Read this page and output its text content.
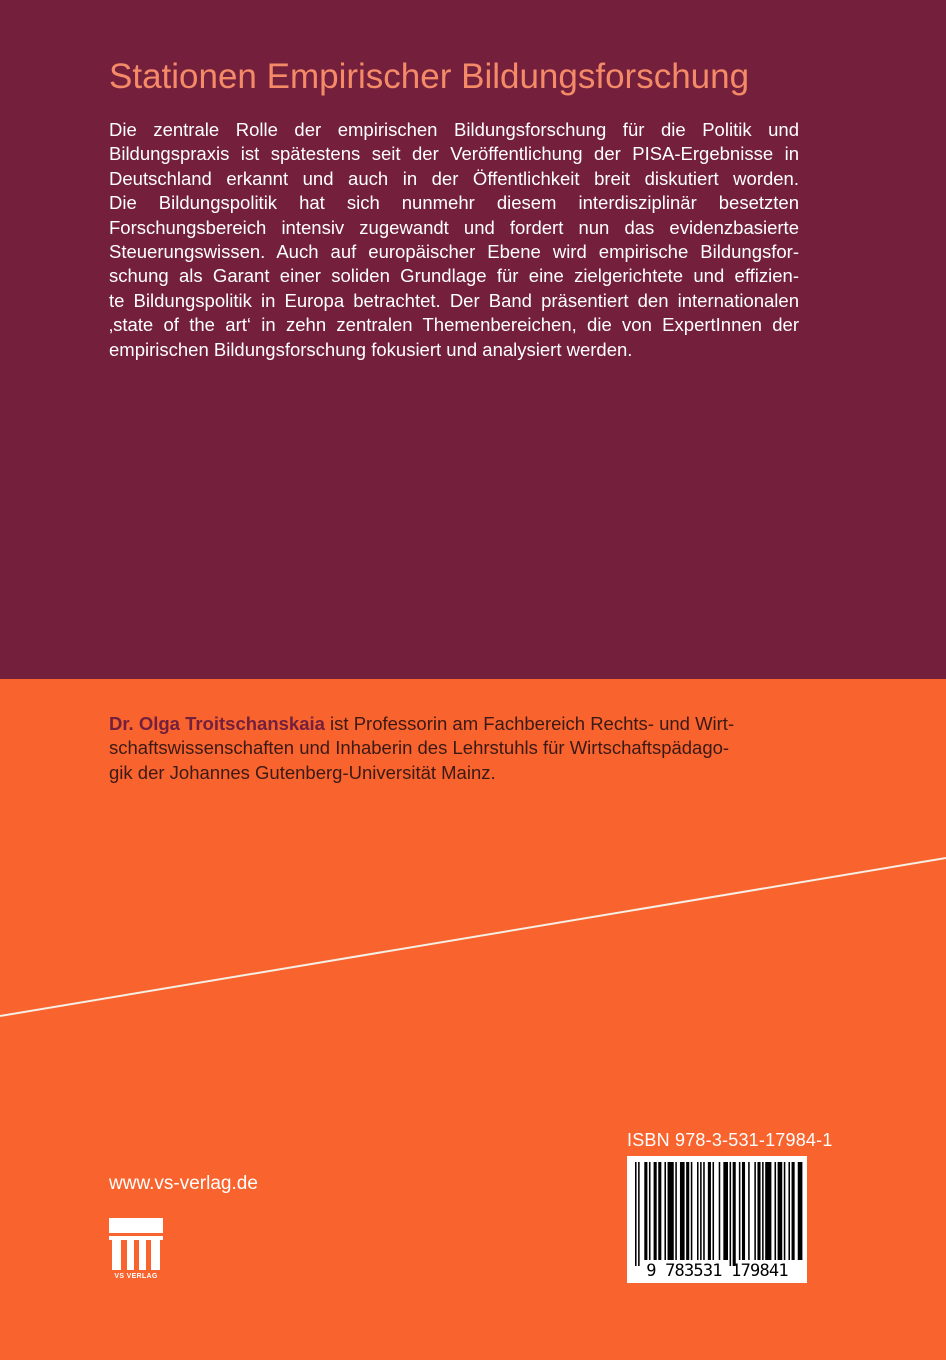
Stationen Empirischer Bildungsforschung
Die zentrale Rolle der empirischen Bildungsforschung für die Politik und
Bildungspraxis ist spätestens seit der Veröffentlichung der PISA-Ergebnisse in
Deutschland erkannt und auch in der Öffentlichkeit breit diskutiert worden.
Die Bildungspolitik hat sich nunmehr diesem interdisziplinär besetzten
Forschungsbereich intensiv zugewandt und fordert nun das evidenzbasierte
Steuerungswissen. Auch auf europäischer Ebene wird empirische Bildungsfor-
schung als Garant einer soliden Grundlage für eine zielgerichtete und effizien-
te Bildungspolitik in Europa betrachtet. Der Band präsentiert den internationalen
‚state of the art‘ in zehn zentralen Themenbereichen, die von ExpertInnen der
empirischen Bildungsforschung fokusiert und analysiert werden.
Dr. Olga Troitschanskaia ist Professorin am Fachbereich Rechts- und Wirt-
schaftswissenschaften und Inhaberin des Lehrstuhls für Wirtschaftspädago-
gik der Johannes Gutenberg-Universität Mainz.
www.vs-verlag.de
VS VERLAG
ISBN 978-3-531-17984-1
9 783531 179841
